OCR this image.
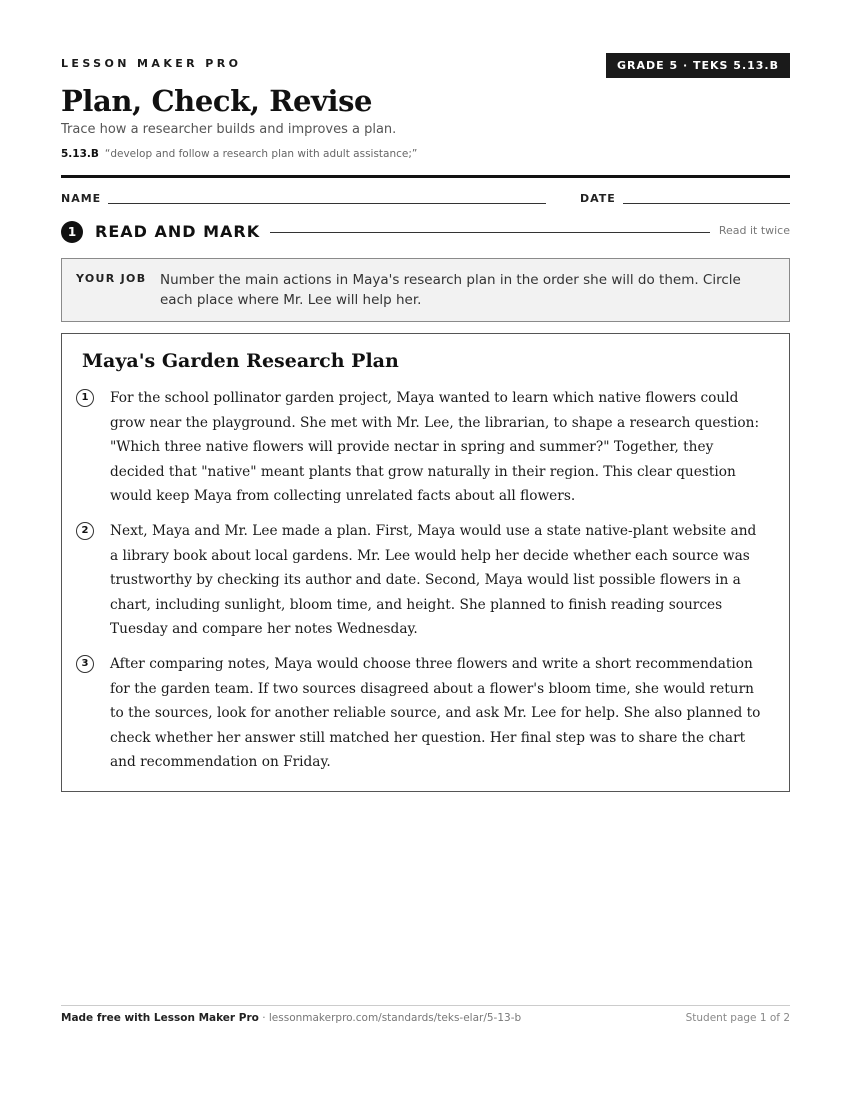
LESSON MAKER PRO	GRADE 5 · TEKS 5.13.B
Plan, Check, Revise
Trace how a researcher builds and improves a plan.
5.13.B “develop and follow a research plan with adult assistance;”
NAME	DATE
1	READ AND MARK	Read it twice
YOUR JOB Number the main actions in Maya's research plan in the order she will do them. Circle each place where Mr. Lee will help her.
Maya's Garden Research Plan
1	For the school pollinator garden project, Maya wanted to learn which native flowers could grow near the playground. She met with Mr. Lee, the librarian, to shape a research question: "Which three native flowers will provide nectar in spring and summer?" Together, they decided that "native" meant plants that grow naturally in their region. This clear question would keep Maya from collecting unrelated facts about all flowers.
2	Next, Maya and Mr. Lee made a plan. First, Maya would use a state native-plant website and a library book about local gardens. Mr. Lee would help her decide whether each source was trustworthy by checking its author and date. Second, Maya would list possible flowers in a chart, including sunlight, bloom time, and height. She planned to finish reading sources Tuesday and compare her notes Wednesday.
3	After comparing notes, Maya would choose three flowers and write a short recommendation for the garden team. If two sources disagreed about a flower's bloom time, she would return to the sources, look for another reliable source, and ask Mr. Lee for help. She also planned to check whether her answer still matched her question. Her final step was to share the chart and recommendation on Friday.
Made free with Lesson Maker Pro · lessonmakerpro.com/standards/teks-elar/5-13-b	Student page 1 of 2
